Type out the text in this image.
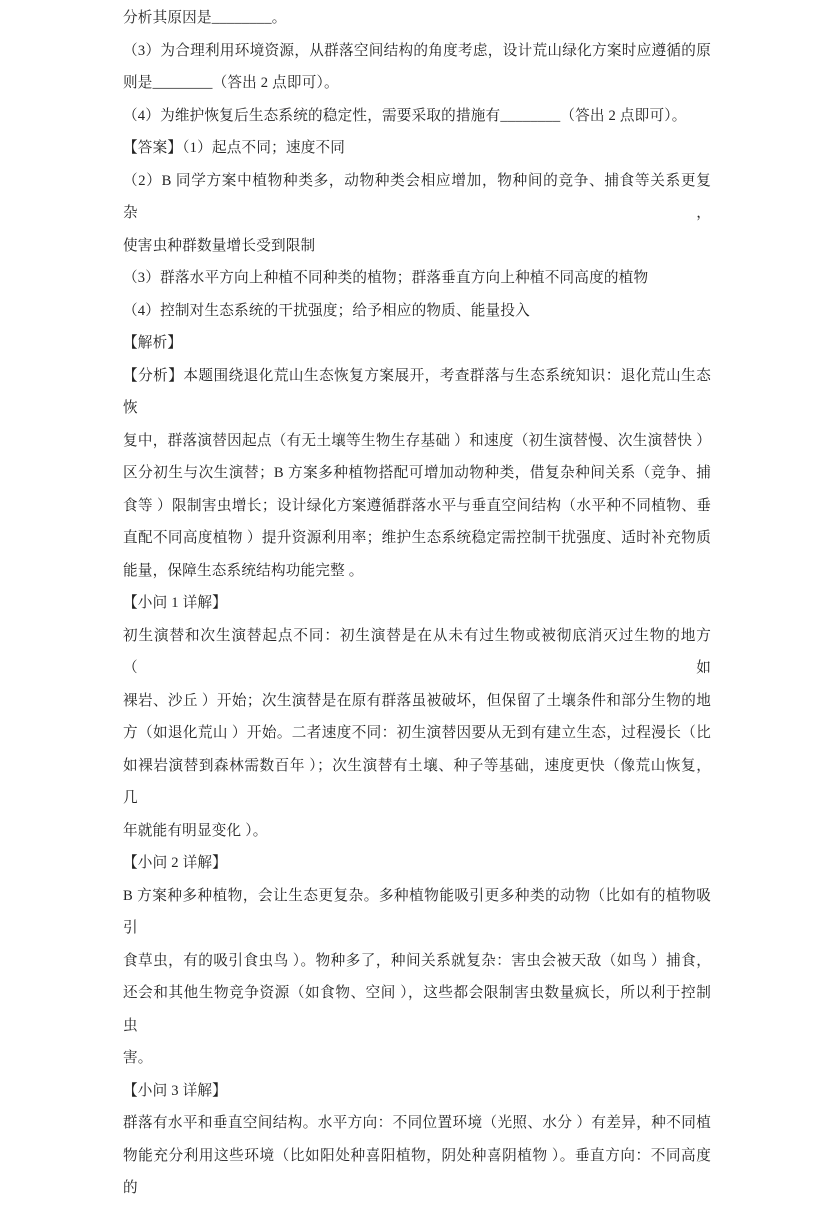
分析其原因是________。
（3）为合理利用环境资源，从群落空间结构的角度考虑，设计荒山绿化方案时应遵循的原
则是________（答出 2 点即可）。
（4）为维护恢复后生态系统的稳定性，需要采取的措施有________（答出 2 点即可）。
【答案】（1）起点不同；速度不同
（2）B 同学方案中植物种类多，动物种类会相应增加，物种间的竞争、捕食等关系更复杂，
使害虫种群数量增长受到限制
（3）群落水平方向上种植不同种类的植物；群落垂直方向上种植不同高度的植物
（4）控制对生态系统的干扰强度；给予相应的物质、能量投入
【解析】
【分析】本题围绕退化荒山生态恢复方案展开，考查群落与生态系统知识：退化荒山生态恢
复中，群落演替因起点（有无土壤等生物生存基础 ）和速度（初生演替慢、次生演替快 ）
区分初生与次生演替；B 方案多种植物搭配可增加动物种类，借复杂种间关系（竞争、捕
食等 ）限制害虫增长；设计绿化方案遵循群落水平与垂直空间结构（水平种不同植物、垂
直配不同高度植物 ）提升资源利用率；维护生态系统稳定需控制干扰强度、适时补充物质
能量，保障生态系统结构功能完整 。
【小问 1 详解】
初生演替和次生演替起点不同：初生演替是在从未有过生物或被彻底消灭过生物的地方（如
裸岩、沙丘 ）开始；次生演替是在原有群落虽被破坏，但保留了土壤条件和部分生物的地
方（如退化荒山 ）开始。二者速度不同：初生演替因要从无到有建立生态，过程漫长（比
如裸岩演替到森林需数百年 ）；次生演替有土壤、种子等基础，速度更快（像荒山恢复，几
年就能有明显变化 ）。
【小问 2 详解】
B 方案种多种植物，会让生态更复杂。多种植物能吸引更多种类的动物（比如有的植物吸引
食草虫，有的吸引食虫鸟 ）。物种多了，种间关系就复杂：害虫会被天敌（如鸟 ）捕食，
还会和其他生物竞争资源（如食物、空间 ），这些都会限制害虫数量疯长，所以利于控制虫
害。
【小问 3 详解】
群落有水平和垂直空间结构。水平方向：不同位置环境（光照、水分 ）有差异，种不同植
物能充分利用这些环境（比如阳处种喜阳植物，阴处种喜阴植物 ）。垂直方向：不同高度的
